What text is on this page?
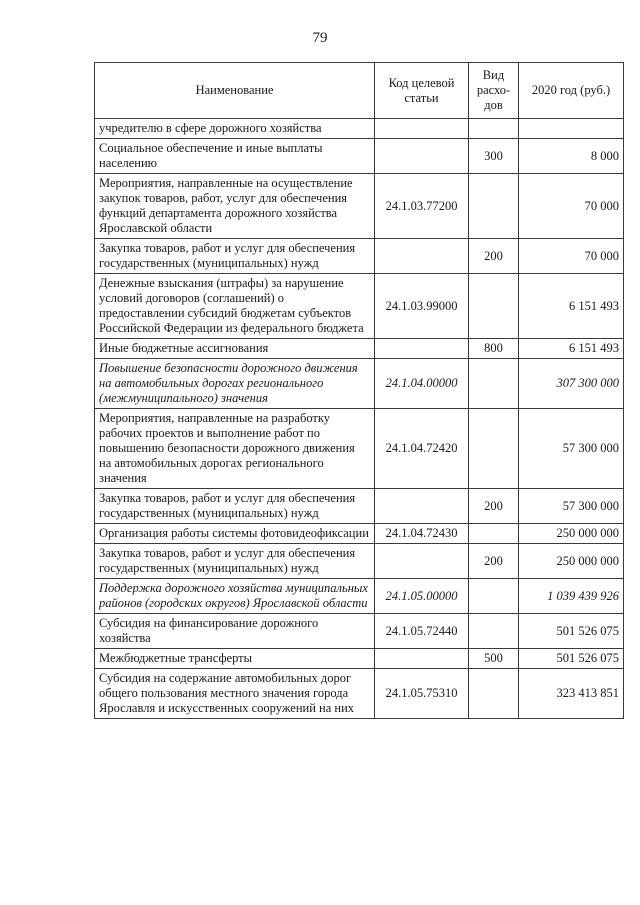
79
Наименование	Код целевой статьи	Вид расхо-дов	2020 год (руб.)
учредителю в сфере дорожного хозяйства			
Социальное обеспечение и иные выплаты населению		300	8 000
Мероприятия, направленные на осуществление закупок товаров, работ, услуг для обеспечения функций департамента дорожного хозяйства Ярославской области	24.1.03.77200		70 000
Закупка товаров, работ и услуг для обеспечения государственных (муниципальных) нужд		200	70 000
Денежные взыскания (штрафы) за нарушение условий договоров (соглашений) о предоставлении субсидий бюджетам субъектов Российской Федерации из федерального бюджета	24.1.03.99000		6 151 493
Иные бюджетные ассигнования		800	6 151 493
Повышение безопасности дорожного движения на автомобильных дорогах регионального (межмуниципального) значения	24.1.04.00000		307 300 000
Мероприятия, направленные на разработку рабочих проектов и выполнение работ по повышению безопасности дорожного движения на автомобильных дорогах регионального значения	24.1.04.72420		57 300 000
Закупка товаров, работ и услуг для обеспечения государственных (муниципальных) нужд		200	57 300 000
Организация работы системы фотовидеофиксации	24.1.04.72430		250 000 000
Закупка товаров, работ и услуг для обеспечения государственных (муниципальных) нужд		200	250 000 000
Поддержка дорожного хозяйства муниципальных районов (городских округов) Ярославской области	24.1.05.00000		1 039 439 926
Субсидия на финансирование дорожного хозяйства	24.1.05.72440		501 526 075
Межбюджетные трансферты		500	501 526 075
Субсидия на содержание автомобильных дорог общего пользования местного значения города Ярославля и искусственных сооружений на них	24.1.05.75310		323 413 851
